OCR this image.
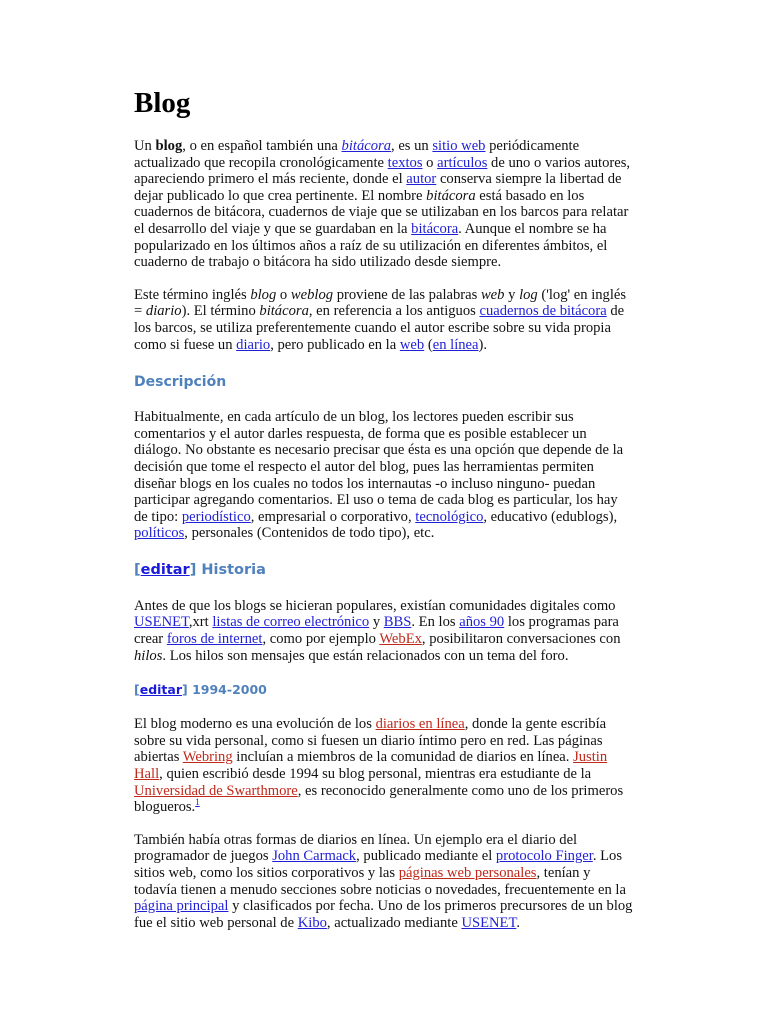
Blog

Un blog, o en español también una bitácora, es un sitio web periódicamente actualizado que recopila cronológicamente textos o artículos de uno o varios autores, apareciendo primero el más reciente, donde el autor conserva siempre la libertad de dejar publicado lo que crea pertinente. El nombre bitácora está basado en los cuadernos de bitácora, cuadernos de viaje que se utilizaban en los barcos para relatar el desarrollo del viaje y que se guardaban en la bitácora. Aunque el nombre se ha popularizado en los últimos años a raíz de su utilización en diferentes ámbitos, el cuaderno de trabajo o bitácora ha sido utilizado desde siempre.

Este término inglés blog o weblog proviene de las palabras web y log ('log' en inglés = diario). El término bitácora, en referencia a los antiguos cuadernos de bitácora de los barcos, se utiliza preferentemente cuando el autor escribe sobre su vida propia como si fuese un diario, pero publicado en la web (en línea).

Descripción

Habitualmente, en cada artículo de un blog, los lectores pueden escribir sus comentarios y el autor darles respuesta, de forma que es posible establecer un diálogo. No obstante es necesario precisar que ésta es una opción que depende de la decisión que tome el respecto el autor del blog, pues las herramientas permiten diseñar blogs en los cuales no todos los internautas -o incluso ninguno- puedan participar agregando comentarios. El uso o tema de cada blog es particular, los hay de tipo: periodístico, empresarial o corporativo, tecnológico, educativo (edublogs), políticos, personales (Contenidos de todo tipo), etc.

[editar] Historia

Antes de que los blogs se hicieran populares, existían comunidades digitales como USENET,xrt listas de correo electrónico y BBS. En los años 90 los programas para crear foros de internet, como por ejemplo WebEx, posibilitaron conversaciones con hilos. Los hilos son mensajes que están relacionados con un tema del foro.

[editar] 1994-2000

El blog moderno es una evolución de los diarios en línea, donde la gente escribía sobre su vida personal, como si fuesen un diario íntimo pero en red. Las páginas abiertas Webring incluían a miembros de la comunidad de diarios en línea. Justin Hall, quien escribió desde 1994 su blog personal, mientras era estudiante de la Universidad de Swarthmore, es reconocido generalmente como uno de los primeros blogueros.$^1$

También había otras formas de diarios en línea. Un ejemplo era el diario del programador de juegos John Carmack, publicado mediante el protocolo Finger. Los sitios web, como los sitios corporativos y las páginas web personales, tenían y todavía tienen a menudo secciones sobre noticias o novedades, frecuentemente en la página principal y clasificados por fecha. Uno de los primeros precursores de un blog fue el sitio web personal de Kibo, actualizado mediante USENET.
